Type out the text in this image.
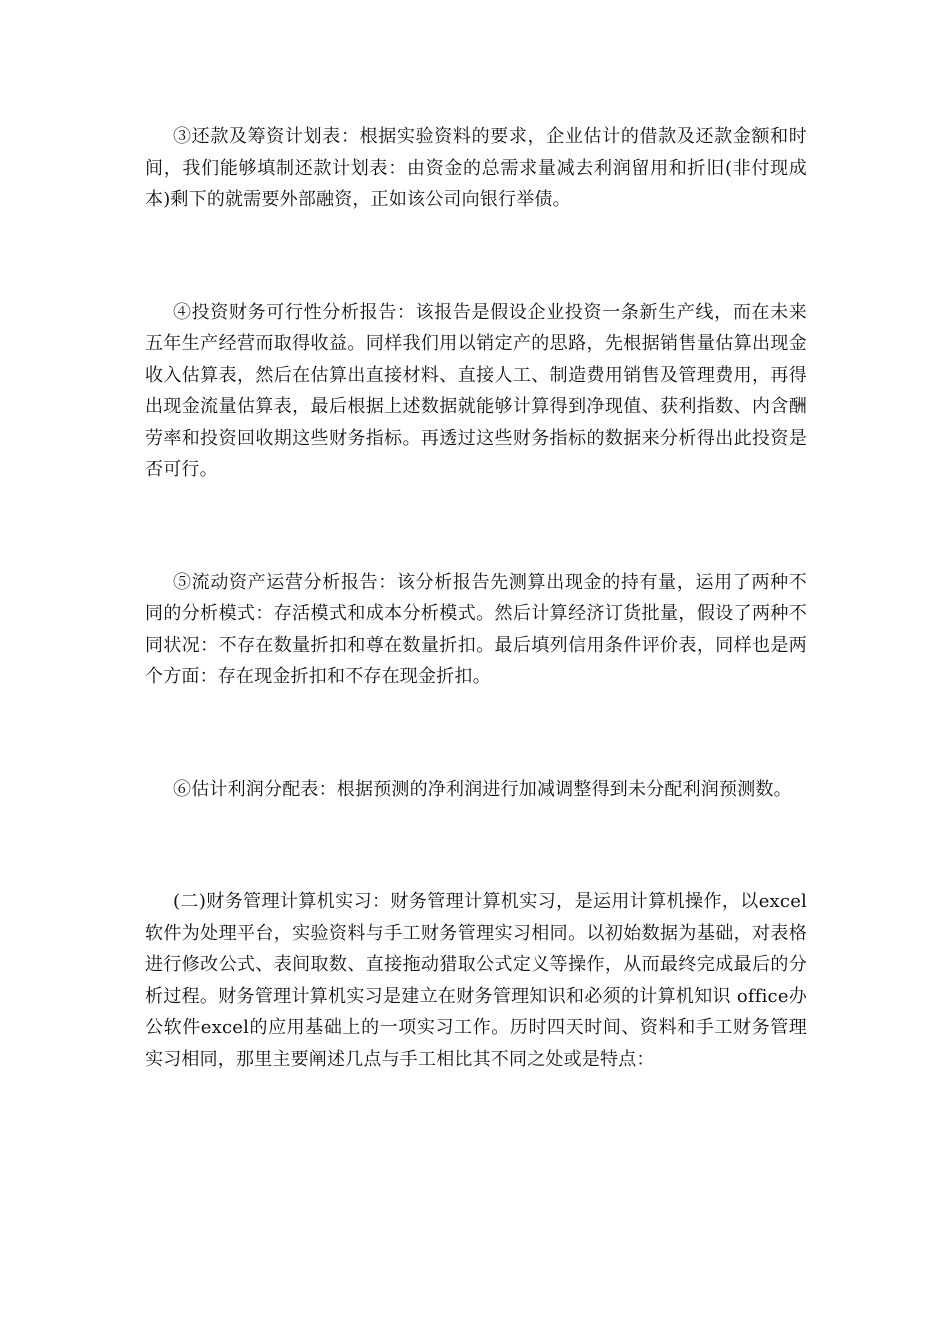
③还款及筹资计划表：根据实验资料的要求，企业估计的借款及还款金额和时间，我们能够填制还款计划表：由资金的总需求量减去利润留用和折旧(非付现成本)剩下的就需要外部融资，正如该公司向银行举债。

④投资财务可行性分析报告：该报告是假设企业投资一条新生产线，而在未来五年生产经营而取得收益。同样我们用以销定产的思路，先根据销售量估算出现金收入估算表，然后在估算出直接材料、直接人工、制造费用销售及管理费用，再得出现金流量估算表，最后根据上述数据就能够计算得到净现值、获利指数、内含酬劳率和投资回收期这些财务指标。再透过这些财务指标的数据来分析得出此投资是否可行。

⑤流动资产运营分析报告：该分析报告先测算出现金的持有量，运用了两种不同的分析模式：存活模式和成本分析模式。然后计算经济订货批量，假设了两种不同状况：不存在数量折扣和尊在数量折扣。最后填列信用条件评价表，同样也是两个方面：存在现金折扣和不存在现金折扣。

⑥估计利润分配表：根据预测的净利润进行加减调整得到未分配利润预测数。

(二)财务管理计算机实习：财务管理计算机实习，是运用计算机操作，以excel软件为处理平台，实验资料与手工财务管理实习相同。以初始数据为基础，对表格进行修改公式、表间取数、直接拖动猎取公式定义等操作，从而最终完成最后的分析过程。财务管理计算机实习是建立在财务管理知识和必须的计算机知识 office办公软件excel的应用基础上的一项实习工作。历时四天时间、资料和手工财务管理实习相同，那里主要阐述几点与手工相比其不同之处或是特点：
